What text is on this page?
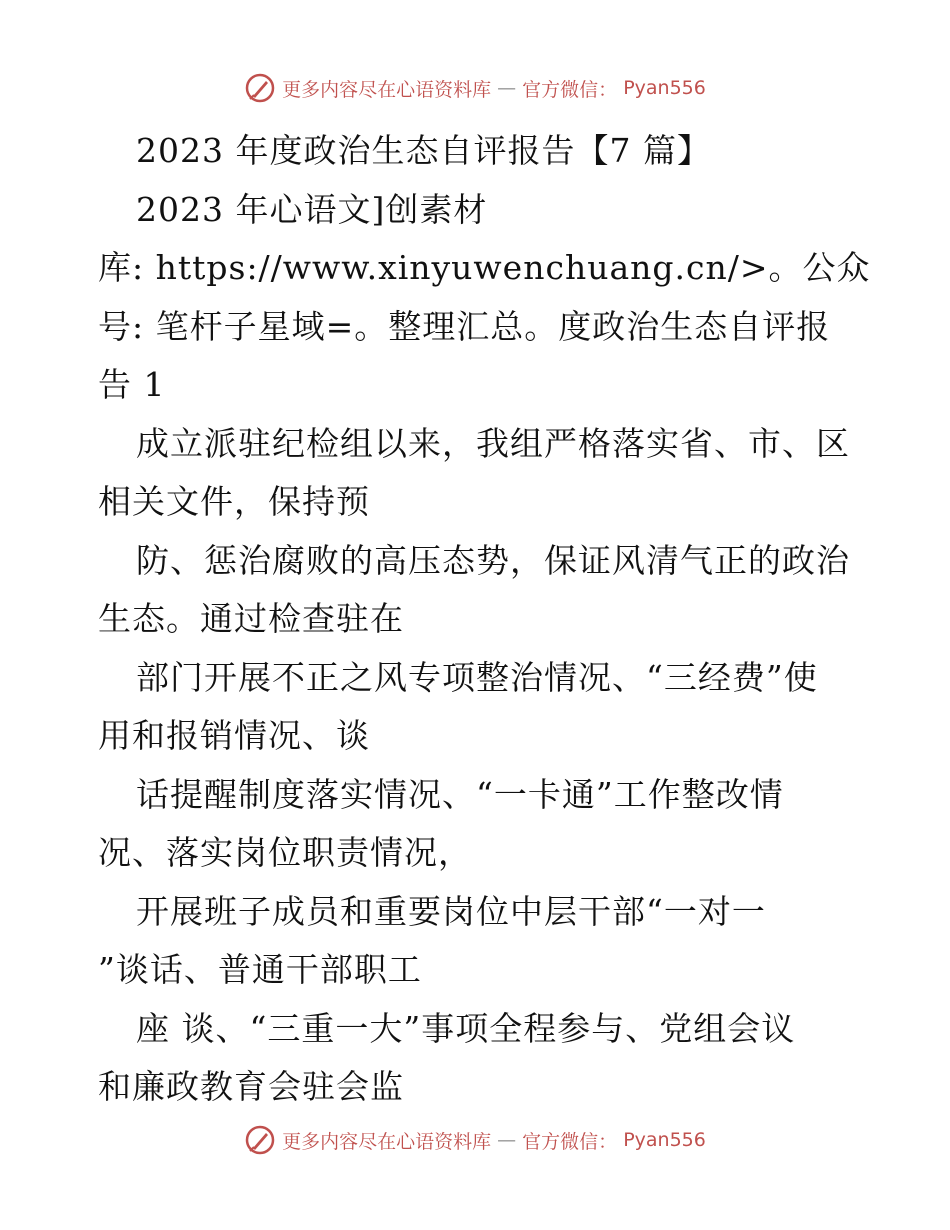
更多内容尽在心语资料库 — 官方微信： Pyan556
2023 年度政治生态自评报告【7 篇】
2023 年心语文]创素材
库: https://www.xinyuwenchuang.cn/>。公众
号: 笔杆子星域=。整理汇总。度政治生态自评报
告 1
成立派驻纪检组以来，我组严格落实省、市、区
相关文件，保持预
防、惩治腐败的高压态势，保证风清气正的政治
生态。通过检查驻在
部门开展不正之风专项整治情况、“三经费”使
用和报销情况、谈
话提醒制度落实情况、“一卡通”工作整改情
况、落实岗位职责情况，
开展班子成员和重要岗位中层干部“一对一
”谈话、普通干部职工
座 谈、“三重一大”事项全程参与、党组会议
和廉政教育会驻会监
更多内容尽在心语资料库 — 官方微信： Pyan556
